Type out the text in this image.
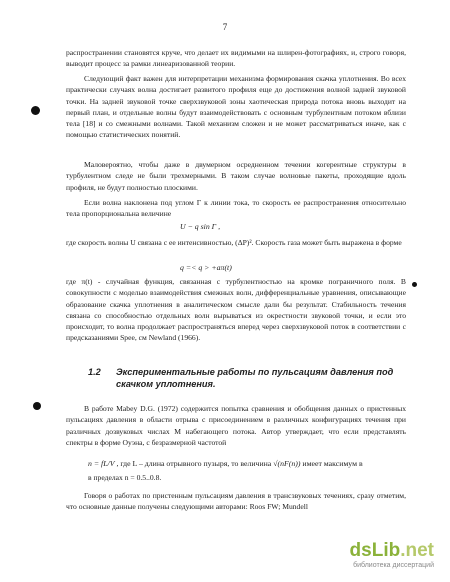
7

распространении становятся круче, что делает их видимыми на шлирен-фотографиях, и, строго говоря, выводит процесс за рамки линеаризованной теории.

Следующий факт важен для интерпретации механизма формирования скачка уплотнения. Во всех практически случаях волна достигает развитого профиля еще до достижения волной задней звуковой точки. На задней звуковой точке сверхзвуковой зоны хаотическая природа потока вновь выходит на первый план, и отдельные волны будут взаимодействовать с основным турбулентным потоком вблизи тела [18] и со смежными волнами. Такой механизм сложен и не может рассматриваться иначе, как с помощью статистических понятий.

Маловероятно, чтобы даже в двумерном осредненном течении когерентные структуры в турбулентном следе не были трехмерными. В таком случае волновые пакеты, проходящие вдоль профиля, не будут полностью плоскими.

Если волна наклонена под углом Г к линии тока, то скорость ее распространения относительно тела пропорциональна величине

U − q sin Г ,

где скорость волны U связана с ее интенсивностью, (ΔP)². Скорость газа может быть выражена в форме

q =< q > +aπ(t)

где π(t) - случайная функция, связанная с турбулентностью на кромке пограничного поля. В совокупности с моделью взаимодействия смежных волн, дифференциальные уравнения, описывающие образование скачка уплотнения в аналитическом смысле дали бы результат. Стабильность течения связана со способностью отдельных волн вырываться из окрестности звуковой точки, и если это происходит, то волна продолжает распространяться вперед через сверхзвуковой поток в соответствии с предсказаниями Spee, см Newland (1966).

1.2 Экспериментальные работы по пульсациям давления под скачком уплотнения.

В работе Mabey D.G. (1972) содержится попытка сравнения и обобщения данных о пристенных пульсациях давления в области отрыва с присоединением в различных конфигурациях течения при различных дозвуковых числах М набегающего потока. Автор утверждает, что если представлять спектры в форме Оуэна, с безразмерной частотой

n = fL/V , где L – длина отрывного пузыря, то величина √(nF(n)) имеет максимум в

в пределах n = 0.5..0.8.

Говоря о работах по пристенным пульсациям давления в трансзвуковых течениях, сразу отметим, что основные данные получены следующими авторами: Roos FW; Mundell

dsLib.net
библиотека диссертаций
